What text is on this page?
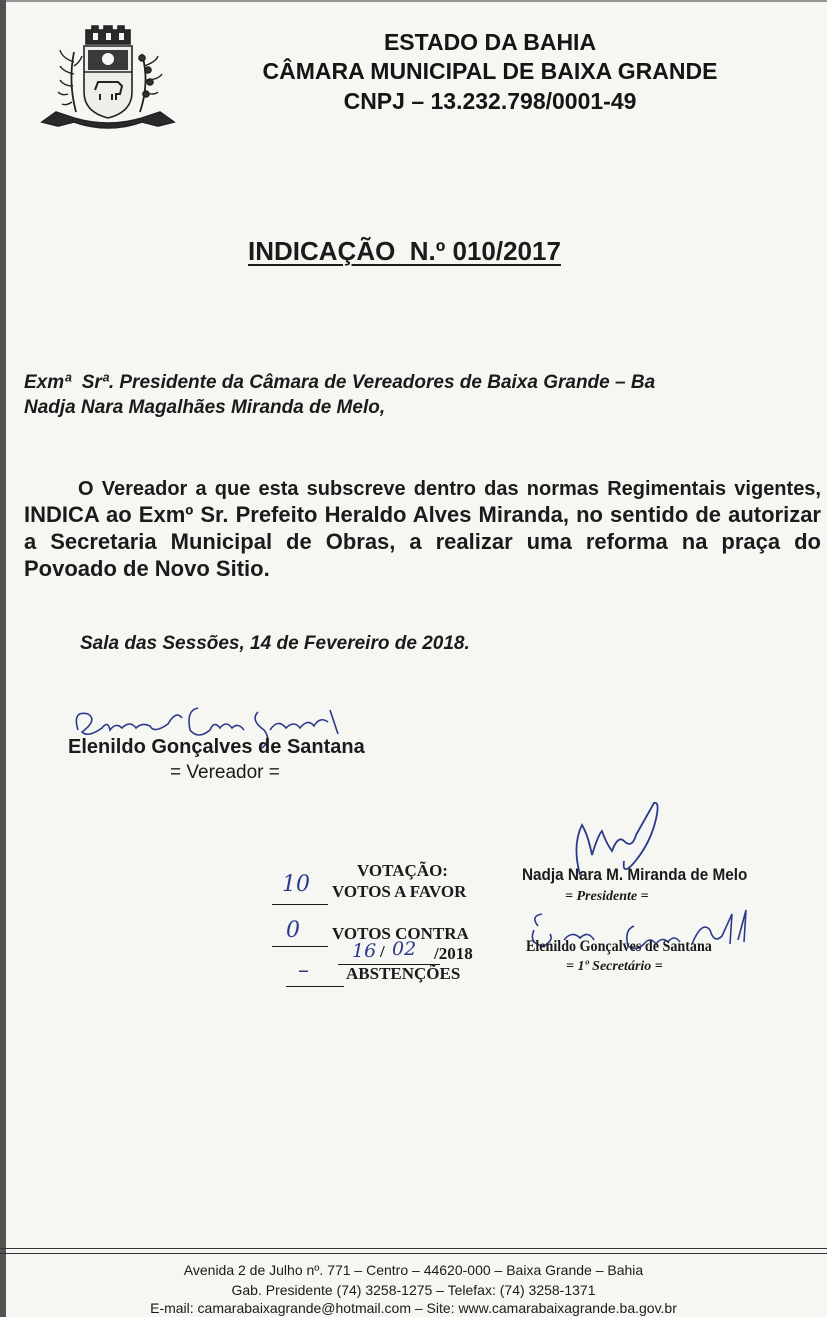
ESTADO DA BAHIA
CÂMARA MUNICIPAL DE BAIXA GRANDE
CNPJ – 13.232.798/0001-49
INDICAÇÃO  N.º 010/2017
Exmª  Srª. Presidente da Câmara de Vereadores de Baixa Grande – Ba
Nadja Nara Magalhães Miranda de Melo,
O Vereador a que esta subscreve dentro das normas Regimentais vigentes, INDICA ao Exmº Sr. Prefeito Heraldo Alves Miranda, no sentido de autorizar a Secretaria Municipal de Obras, a realizar uma reforma na praça do Povoado de Novo Sitio.
Sala das Sessões, 14 de Fevereiro de 2018.
Elenildo Gonçalves de Santana
= Vereador =
VOTAÇÃO:
10 VOTOS A FAVOR
0 VOTOS CONTRA
16 / 02 /2018
– ABSTENÇÕES
Nadja Nara M. Miranda de Melo
= Presidente =
Elenildo Gonçalves de Santana
= 1º Secretário =
Avenida 2 de Julho nº. 771 – Centro – 44620-000 – Baixa Grande – Bahia
Gab. Presidente (74) 3258-1275 – Telefax: (74) 3258-1371
E-mail: camarabaixagrande@hotmail.com – Site: www.camarabaixagrande.ba.gov.br
